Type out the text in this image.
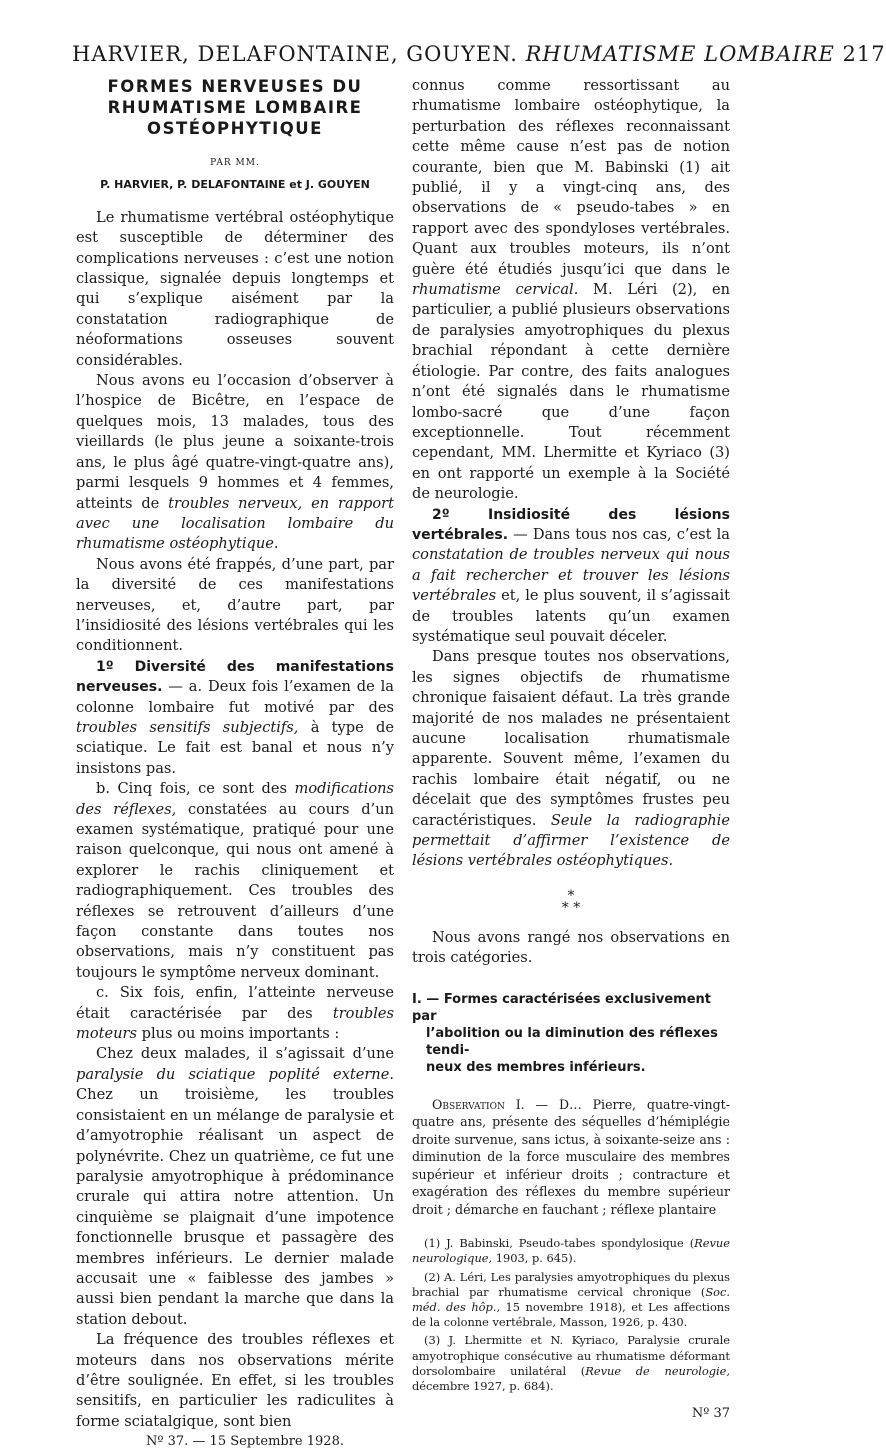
HARVIER, DELAFONTAINE, GOUYEN. RHUMATISME LOMBAIRE 217
FORMES NERVEUSES DU
RHUMATISME LOMBAIRE
OSTÉOPHYTIQUE
PAR MM.
P. HARVIER, P. DELAFONTAINE et J. GOUYEN

Le rhumatisme vertébral ostéophytique est susceptible de déterminer des complications nerveuses : c’est une notion classique, signalée depuis longtemps et qui s’explique aisément par la constatation radiographique de néoformations osseuses souvent considérables.

Nous avons eu l’occasion d’observer à l’hospice de Bicêtre, en l’espace de quelques mois, 13 malades, tous des vieillards (le plus jeune a soixante-trois ans, le plus âgé quatre-vingt-quatre ans), parmi lesquels 9 hommes et 4 femmes, atteints de troubles nerveux, en rapport avec une localisation lombaire du rhumatisme ostéophytique.

Nous avons été frappés, d’une part, par la diversité de ces manifestations nerveuses, et, d’autre part, par l’insidiosité des lésions vertébrales qui les conditionnent.

1º Diversité des manifestations nerveuses. — a. Deux fois l’examen de la colonne lombaire fut motivé par des troubles sensitifs subjectifs, à type de sciatique. Le fait est banal et nous n’y insistons pas.

b. Cinq fois, ce sont des modifications des réflexes, constatées au cours d’un examen systématique, pratiqué pour une raison quelconque, qui nous ont amené à explorer le rachis cliniquement et radiographiquement. Ces troubles des réflexes se retrouvent d’ailleurs d’une façon constante dans toutes nos observations, mais n’y constituent pas toujours le symptôme nerveux dominant.

c. Six fois, enfin, l’atteinte nerveuse était caractérisée par des troubles moteurs plus ou moins importants :

Chez deux malades, il s’agissait d’une paralysie du sciatique poplité externe. Chez un troisième, les troubles consistaient en un mélange de paralysie et d’amyotrophie réalisant un aspect de polynévrite. Chez un quatrième, ce fut une paralysie amyotrophique à prédominance crurale qui attira notre attention. Un cinquième se plaignait d’une impotence fonctionnelle brusque et passagère des membres inférieurs. Le dernier malade accusait une « faiblesse des jambes » aussi bien pendant la marche que dans la station debout.

La fréquence des troubles réflexes et moteurs dans nos observations mérite d’être soulignée. En effet, si les troubles sensitifs, en particulier les radiculites à forme sciatalgique, sont bien

Nº 37. — 15 Septembre 1928.

connus comme ressortissant au rhumatisme lombaire ostéophytique, la perturbation des réflexes reconnaissant cette même cause n’est pas de notion courante, bien que M. Babinski (1) ait publié, il y a vingt-cinq ans, des observations de « pseudo-tabes » en rapport avec des spondyloses vertébrales. Quant aux troubles moteurs, ils n’ont guère été étudiés jusqu’ici que dans le rhumatisme cervical. M. Léri (2), en particulier, a publié plusieurs observations de paralysies amyotrophiques du plexus brachial répondant à cette dernière étiologie. Par contre, des faits analogues n’ont été signalés dans le rhumatisme lombo-sacré que d’une façon exceptionnelle. Tout récemment cependant, MM. Lhermitte et Kyriaco (3) en ont rapporté un exemple à la Société de neurologie.

2º Insidiosité des lésions vertébrales. — Dans tous nos cas, c’est la constatation de troubles nerveux qui nous a fait rechercher et trouver les lésions vertébrales et, le plus souvent, il s’agissait de troubles latents qu’un examen systématique seul pouvait déceler.

Dans presque toutes nos observations, les signes objectifs de rhumatisme chronique faisaient défaut. La très grande majorité de nos malades ne présentaient aucune localisation rhumatismale apparente. Souvent même, l’examen du rachis lombaire était négatif, ou ne décelait que des symptômes frustes peu caractéristiques. Seule la radiographie permettait d’affirmer l’existence de lésions vertébrales ostéophytiques.

*
* *

Nous avons rangé nos observations en trois catégories.

I. — Formes caractérisées exclusivement par
l’abolition ou la diminution des réflexes tendi-
neux des membres inférieurs.

Observation I. — D… Pierre, quatre-vingt-quatre ans, présente des séquelles d’hémiplégie droite survenue, sans ictus, à soixante-seize ans : diminution de la force musculaire des membres supérieur et inférieur droits ; contracture et exagération des réflexes du membre supérieur droit ; démarche en fauchant ; réflexe plantaire

(1) J. Babinski, Pseudo-tabes spondylosique (Revue neurologique, 1903, p. 645).

(2) A. Léri, Les paralysies amyotrophiques du plexus brachial par rhumatisme cervical chronique (Soc. méd. des hôp., 15 novembre 1918), et Les affections de la colonne vertébrale, Masson, 1926, p. 430.

(3) J. Lhermitte et N. Kyriaco, Paralysie crurale amyotrophique consécutive au rhumatisme déformant dorsolombaire unilatéral (Revue de neurologie, décembre 1927, p. 684).

Nº 37
